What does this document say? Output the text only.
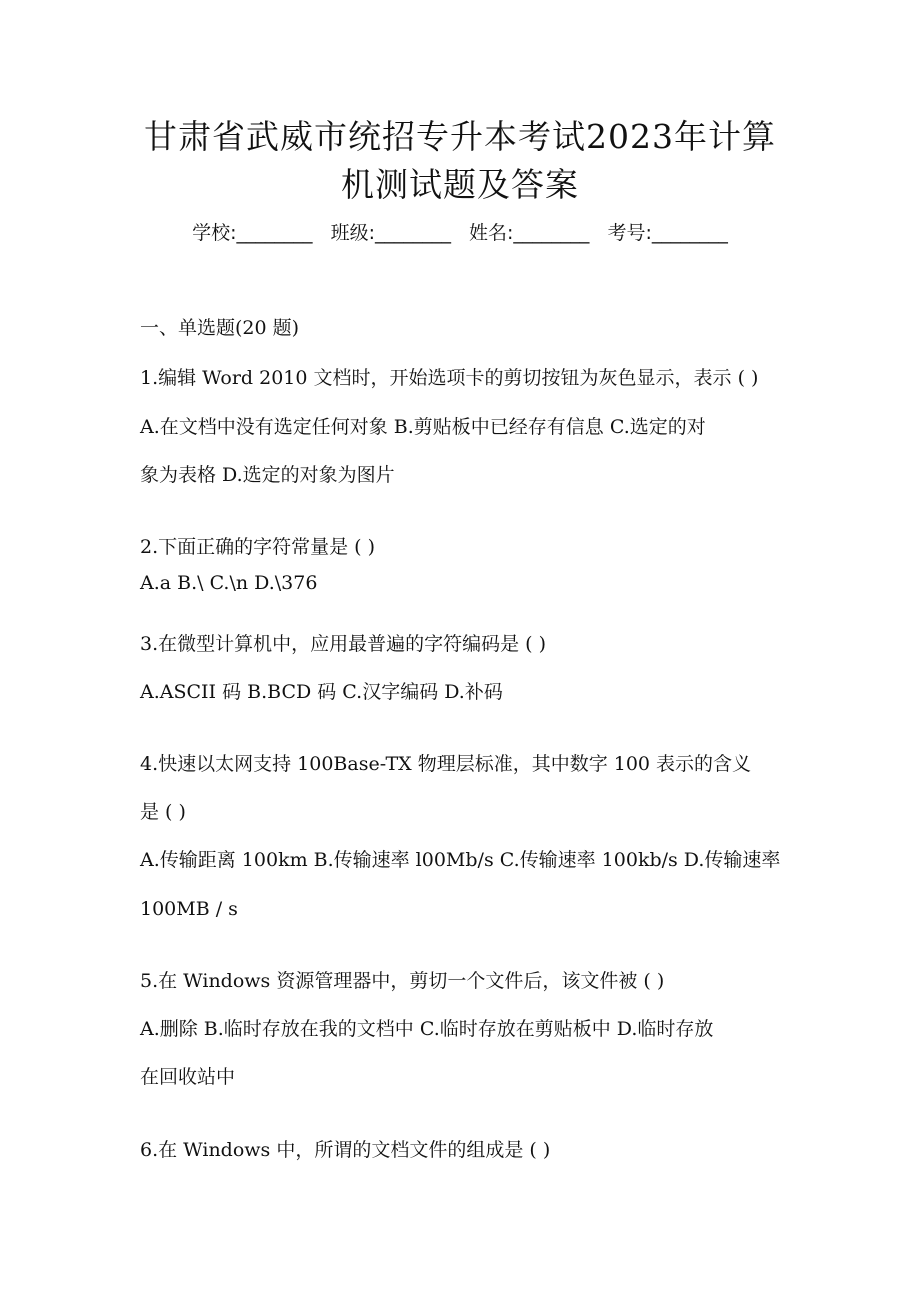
甘肃省武威市统招专升本考试2023年计算
机测试题及答案
学校:________ 班级:________ 姓名:________ 考号:________
一、单选题(20 题)
1.编辑 Word 2010 文档时，开始选项卡的剪切按钮为灰色显示，表示 ( )
A.在文档中没有选定任何对象 B.剪贴板中已经存有信息 C.选定的对
象为表格 D.选定的对象为图片
2.下面正确的字符常量是 ( )
A.a B.\ C.\n D.\376
3.在微型计算机中，应用最普遍的字符编码是 ( )
A.ASCII 码 B.BCD 码 C.汉字编码 D.补码
4.快速以太网支持 100Base-TX 物理层标准，其中数字 100 表示的含义
是 ( )
A.传输距离 100km B.传输速率 l00Mb/s C.传输速率 100kb/s D.传输速率
100MB / s
5.在 Windows 资源管理器中，剪切一个文件后，该文件被 ( )
A.删除 B.临时存放在我的文档中 C.临时存放在剪贴板中 D.临时存放
在回收站中
6.在 Windows 中，所谓的文档文件的组成是 ( )
